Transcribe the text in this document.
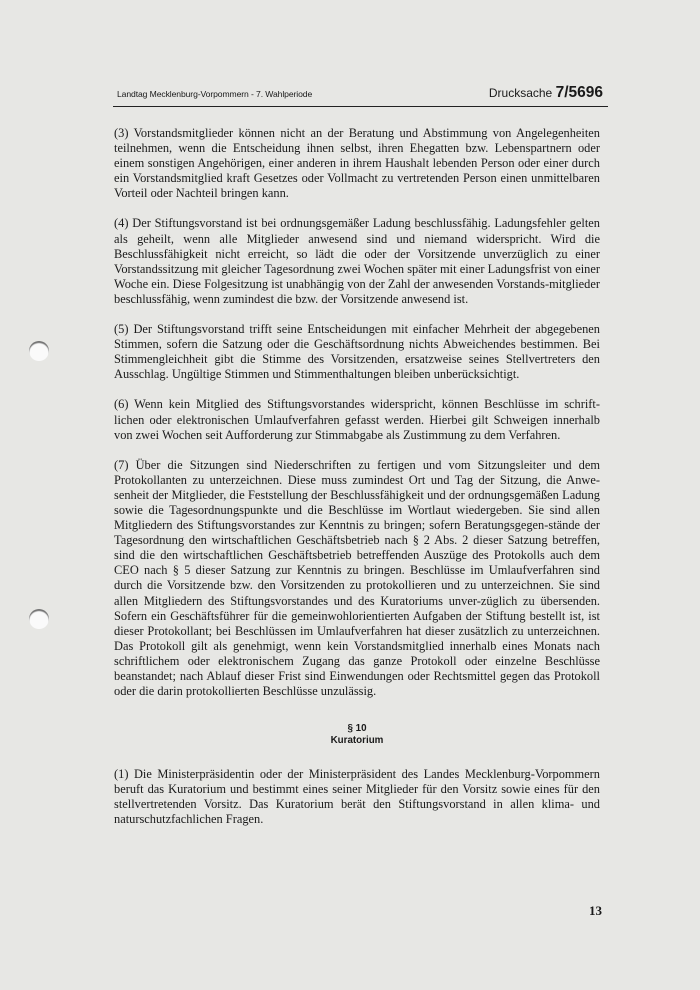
Landtag Mecklenburg-Vorpommern - 7. Wahlperiode	Drucksache 7/5696

(3) Vorstandsmitglieder können nicht an der Beratung und Abstimmung von Angelegenheiten teilnehmen, wenn die Entscheidung ihnen selbst, ihren Ehegatten bzw. Lebenspartnern oder einem sonstigen Angehörigen, einer anderen in ihrem Haushalt lebenden Person oder einer durch ein Vorstandsmitglied kraft Gesetzes oder Vollmacht zu vertretenden Person einen unmittelbaren Vorteil oder Nachteil bringen kann.

(4) Der Stiftungsvorstand ist bei ordnungsgemäßer Ladung beschlussfähig. Ladungsfehler gelten als geheilt, wenn alle Mitglieder anwesend sind und niemand widerspricht. Wird die Beschlussfähigkeit nicht erreicht, so lädt die oder der Vorsitzende unverzüglich zu einer Vorstandssitzung mit gleicher Tagesordnung zwei Wochen später mit einer Ladungsfrist von einer Woche ein. Diese Folgesitzung ist unabhängig von der Zahl der anwesenden Vorstands-mitglieder beschlussfähig, wenn zumindest die bzw. der Vorsitzende anwesend ist.

(5) Der Stiftungsvorstand trifft seine Entscheidungen mit einfacher Mehrheit der abgegebenen Stimmen, sofern die Satzung oder die Geschäftsordnung nichts Abweichendes bestimmen. Bei Stimmengleichheit gibt die Stimme des Vorsitzenden, ersatzweise seines Stellvertreters den Ausschlag. Ungültige Stimmen und Stimmenthaltungen bleiben unberücksichtigt.

(6) Wenn kein Mitglied des Stiftungsvorstandes widerspricht, können Beschlüsse im schrift-lichen oder elektronischen Umlaufverfahren gefasst werden. Hierbei gilt Schweigen innerhalb von zwei Wochen seit Aufforderung zur Stimmabgabe als Zustimmung zu dem Verfahren.

(7) Über die Sitzungen sind Niederschriften zu fertigen und vom Sitzungsleiter und dem Protokollanten zu unterzeichnen. Diese muss zumindest Ort und Tag der Sitzung, die Anwe-senheit der Mitglieder, die Feststellung der Beschlussfähigkeit und der ordnungsgemäßen Ladung sowie die Tagesordnungspunkte und die Beschlüsse im Wortlaut wiedergeben. Sie sind allen Mitgliedern des Stiftungsvorstandes zur Kenntnis zu bringen; sofern Beratungsgegen-stände der Tagesordnung den wirtschaftlichen Geschäftsbetrieb nach § 2 Abs. 2 dieser Satzung betreffen, sind die den wirtschaftlichen Geschäftsbetrieb betreffenden Auszüge des Protokolls auch dem CEO nach § 5 dieser Satzung zur Kenntnis zu bringen. Beschlüsse im Umlaufverfahren sind durch die Vorsitzende bzw. den Vorsitzenden zu protokollieren und zu unterzeichnen. Sie sind allen Mitgliedern des Stiftungsvorstandes und des Kuratoriums unver-züglich zu übersenden. Sofern ein Geschäftsführer für die gemeinwohlorientierten Aufgaben der Stiftung bestellt ist, ist dieser Protokollant; bei Beschlüssen im Umlaufverfahren hat dieser zusätzlich zu unterzeichnen. Das Protokoll gilt als genehmigt, wenn kein Vorstandsmitglied innerhalb eines Monats nach schriftlichem oder elektronischem Zugang das ganze Protokoll oder einzelne Beschlüsse beanstandet; nach Ablauf dieser Frist sind Einwendungen oder Rechtsmittel gegen das Protokoll oder die darin protokollierten Beschlüsse unzulässig.

§ 10
Kuratorium

(1) Die Ministerpräsidentin oder der Ministerpräsident des Landes Mecklenburg-Vorpommern beruft das Kuratorium und bestimmt eines seiner Mitglieder für den Vorsitz sowie eines für den stellvertretenden Vorsitz. Das Kuratorium berät den Stiftungsvorstand in allen klima- und naturschutzfachlichen Fragen.

13
